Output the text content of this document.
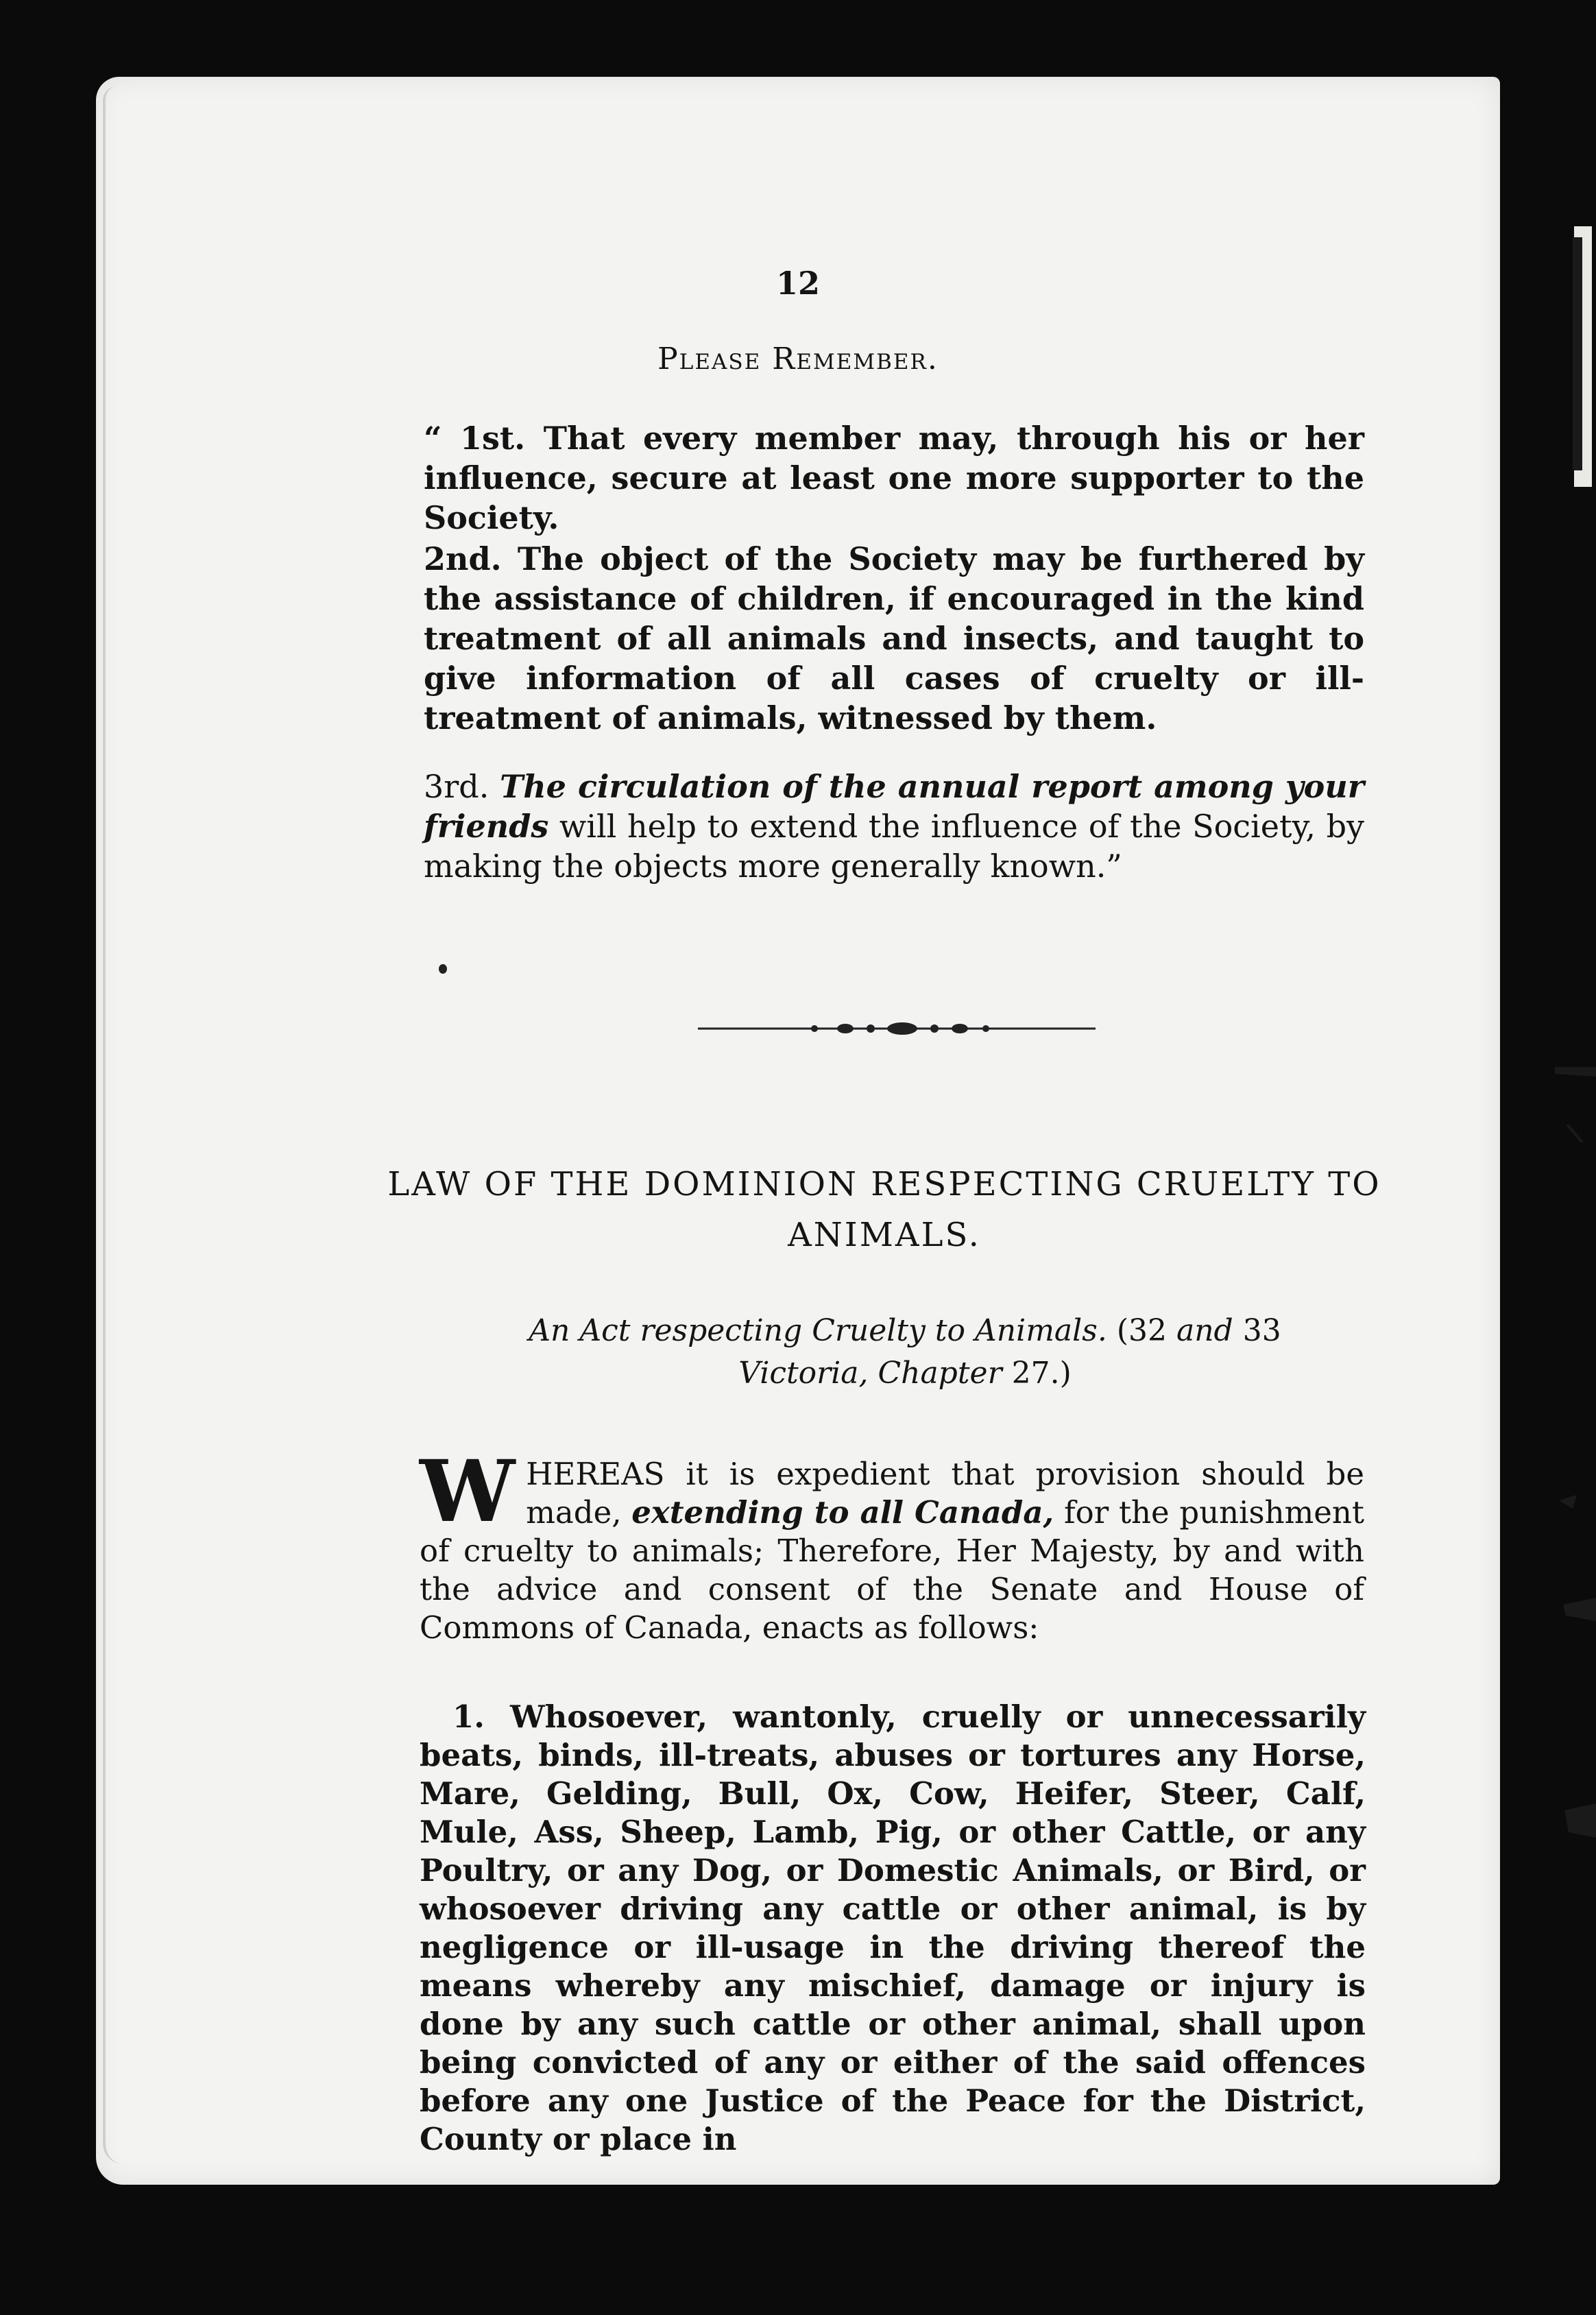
12
Please Remember.
“ 1st. That every member may, through his or her influence, secure at least one more supporter to the Society.
2nd. The object of the Society may be furthered by the assistance of children, if encouraged in the kind treatment of all animals and insects, and taught to give information of all cases of cruelty or ill-treatment of animals, witnessed by them.
3rd. The circulation of the annual report among your friends will help to extend the influence of the Society, by making the objects more generally known.”
LAW OF THE DOMINION RESPECTING CRUELTY TO ANIMALS.
An Act respecting Cruelty to Animals. (32 and 33
Victoria, Chapter 27.)
W HEREAS it is expedient that provision should be made, extending to all Canada, for the punishment of cruelty to animals; Therefore, Her Majesty, by and with the advice and consent of the Senate and House of Commons of Canada, enacts as follows:
1. Whosoever, wantonly, cruelly or unnecessarily beats, binds, ill-treats, abuses or tortures any Horse, Mare, Gelding, Bull, Ox, Cow, Heifer, Steer, Calf, Mule, Ass, Sheep, Lamb, Pig, or other Cattle, or any Poultry, or any Dog, or Domestic Animals, or Bird, or whosoever driving any cattle or other animal, is by negligence or ill-usage in the driving thereof the means whereby any mischief, damage or injury is done by any such cattle or other animal, shall upon being convicted of any or either of the said offences before any one Justice of the Peace for the District, County or place in
